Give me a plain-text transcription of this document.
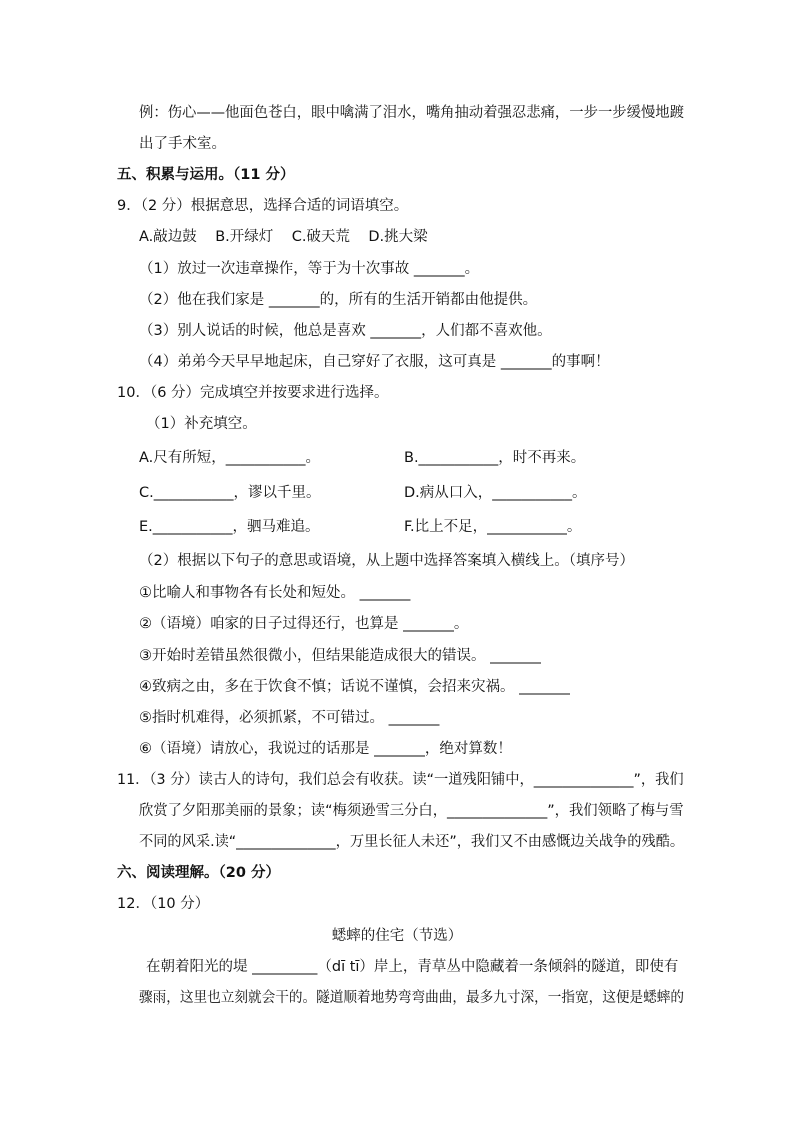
例：伤心——他面色苍白，眼中噙满了泪水，嘴角抽动着强忍悲痛，一步一步缓慢地踱
出了手术室。
五、积累与运用。（11 分）
9．（2 分）根据意思，选择合适的词语填空。
A.敲边鼓    B.开绿灯    C.破天荒    D.挑大梁
（1）放过一次违章操作，等于为十次事故 _______。
（2）他在我们家是 _______的，所有的生活开销都由他提供。
（3）别人说话的时候，他总是喜欢 _______，人们都不喜欢他。
（4）弟弟今天早早地起床，自己穿好了衣服，这可真是 _______的事啊！
10．（6 分）完成填空并按要求进行选择。
（1）补充填空。
A.尺有所短，___________。	B.___________，时不再来。
C.___________，谬以千里。	D.病从口入，___________。
E.___________，驷马难追。	F.比上不足，___________。
（2）根据以下句子的意思或语境，从上题中选择答案填入横线上。（填序号）
①比喻人和事物各有长处和短处。 _______
②（语境）咱家的日子过得还行，也算是 _______。
③开始时差错虽然很微小，但结果能造成很大的错误。 _______
④致病之由，多在于饮食不慎；话说不谨慎，会招来灾祸。 _______
⑤指时机难得，必须抓紧，不可错过。 _______
⑥（语境）请放心，我说过的话那是 _______，绝对算数！
11．（3 分）读古人的诗句，我们总会有收获。读“一道残阳铺中，______________”，我们
欣赏了夕阳那美丽的景象；读“梅须逊雪三分白，______________”，我们领略了梅与雪
不同的风采.读“______________，万里长征人未还”，我们又不由感慨边关战争的残酷。
六、阅读理解。（20 分）
12．（10 分）
蟋蟀的住宅（节选）
在朝着阳光的堤 _________（dī tī）岸上，青草丛中隐藏着一条倾斜的隧道，即使有
骤雨，这里也立刻就会干的。隧道顺着地势弯弯曲曲，最多九寸深，一指宽，这便是蟋蟀的
